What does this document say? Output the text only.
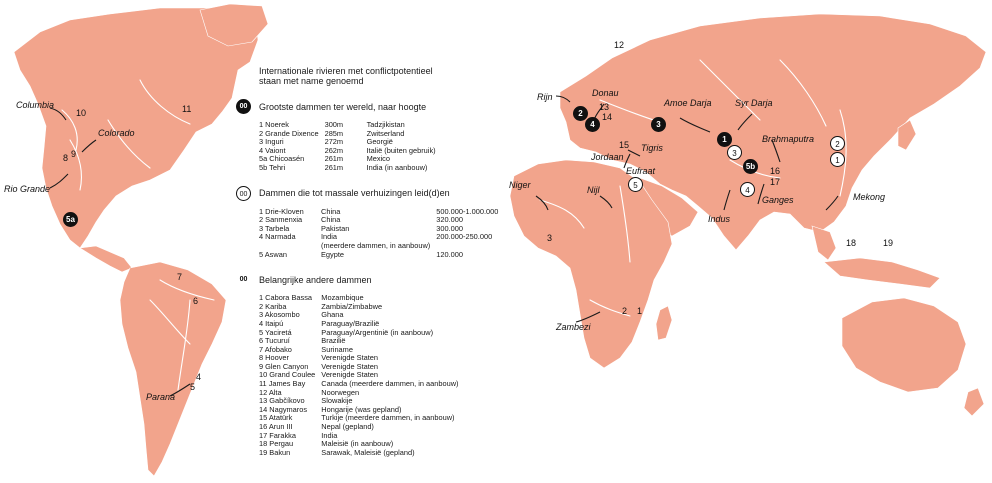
Columbia
Colorado
Rio Grande
Parana
Rijn	Donau
Amoe Darja	Syr Darja
Brahmaputra
Jordaan
Tigris
Eufraat
Niger	Nijl
Indus
Ganges	Mekong
Zambezi
1
2
3
4
5a
5b
1
2
3
4
5
1
2
3
4
5
6
7
8 9
10	11
12
13
14
15
16
17
18	19
Internationale rivieren met conflictpotentieel
staan met name genoemd
00	Grootste dammen ter wereld, naar hoogte
1 Noerek	300m	Tadzjikistan
2 Grande Dixence	285m	Zwitserland
3 Inguri	272m	Georgië
4 Vaiont	262m	Italië (buiten gebruik)
5a Chicoasén	261m	Mexico
5b Tehri	261m	India (in aanbouw)
00	Dammen die tot massale verhuizingen leid(d)en
1 Drie-Kloven	China	500.000-1.000.000
2 Sanmenxia	China	320.000
3 Tarbela	Pakistan	300.000
4 Narmada	India	200.000-250.000
	(meerdere dammen, in aanbouw)	
5 Aswan	Egypte	120.000
00	Belangrijke andere dammen
1 Cabora Bassa	Mozambique
2 Kariba	Zambia/Zimbabwe
3 Akosombo	Ghana
4 Itaipú	Paraguay/Brazilië
5 Yaciretá	Paraguay/Argentinië (in aanbouw)
6 Tucuruí	Brazilië
7 Afobako	Suriname
8 Hoover	Verenigde Staten
9 Glen Canyon	Verenigde Staten
10 Grand Coulee	Verenigde Staten
11 James Bay	Canada (meerdere dammen, in aanbouw)
12 Alta	Noorwegen
13 Gabčíkovo	Slowakije
14 Nagymaros	Hongarije (was gepland)
15 Atatürk	Turkije (meerdere dammen, in aanbouw)
16 Arun III	Nepal (gepland)
17 Farakka	India
18 Pergau	Maleisië (in aanbouw)
19 Bakun	Sarawak, Maleisië (gepland)
